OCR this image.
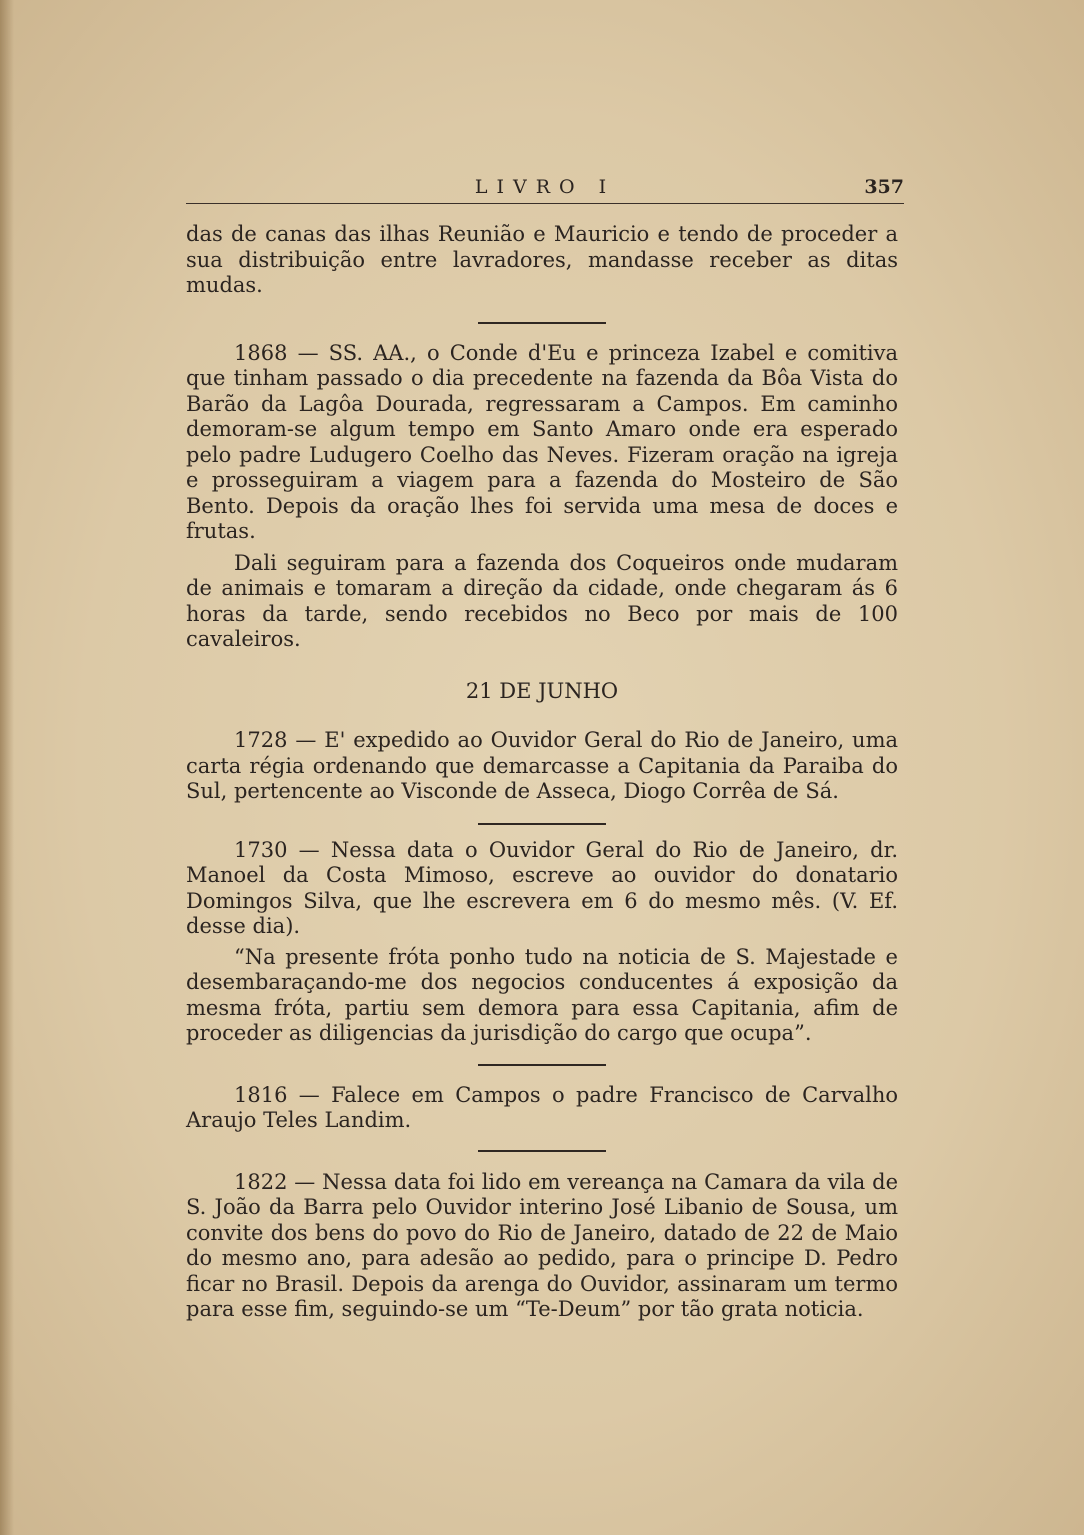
LIVRO I	357

das de canas das ilhas Reunião e Mauricio e tendo de proceder a sua distribuição entre lavradores, mandasse receber as ditas mudas.

1868 — SS. AA., o Conde d'Eu e princeza Izabel e comitiva que tinham passado o dia precedente na fazenda da Bôa Vista do Barão da Lagôa Dourada, regressaram a Campos. Em caminho demoram-se algum tempo em Santo Amaro onde era esperado pelo padre Ludugero Coelho das Neves. Fizeram oração na igreja e prosseguiram a viagem para a fazenda do Mosteiro de São Bento. Depois da oração lhes foi servida uma mesa de doces e frutas.

Dali seguiram para a fazenda dos Coqueiros onde mudaram de animais e tomaram a direção da cidade, onde chegaram ás 6 horas da tarde, sendo recebidos no Beco por mais de 100 cavaleiros.

21 DE JUNHO

1728 — E' expedido ao Ouvidor Geral do Rio de Janeiro, uma carta régia ordenando que demarcasse a Capitania da Paraiba do Sul, pertencente ao Visconde de Asseca, Diogo Corrêa de Sá.

1730 — Nessa data o Ouvidor Geral do Rio de Janeiro, dr. Manoel da Costa Mimoso, escreve ao ouvidor do donatario Domingos Silva, que lhe escrevera em 6 do mesmo mês. (V. Ef. desse dia).

“Na presente fróta ponho tudo na noticia de S. Majestade e desembaraçando-me dos negocios conducentes á exposição da mesma fróta, partiu sem demora para essa Capitania, afim de proceder as diligencias da jurisdição do cargo que ocupa”.

1816 — Falece em Campos o padre Francisco de Carvalho Araujo Teles Landim.

1822 — Nessa data foi lido em vereança na Camara da vila de S. João da Barra pelo Ouvidor interino José Libanio de Sousa, um convite dos bens do povo do Rio de Janeiro, datado de 22 de Maio do mesmo ano, para adesão ao pedido, para o principe D. Pedro ficar no Brasil. Depois da arenga do Ouvidor, assinaram um termo para esse fim, seguindo-se um “Te-Deum” por tão grata noticia.
